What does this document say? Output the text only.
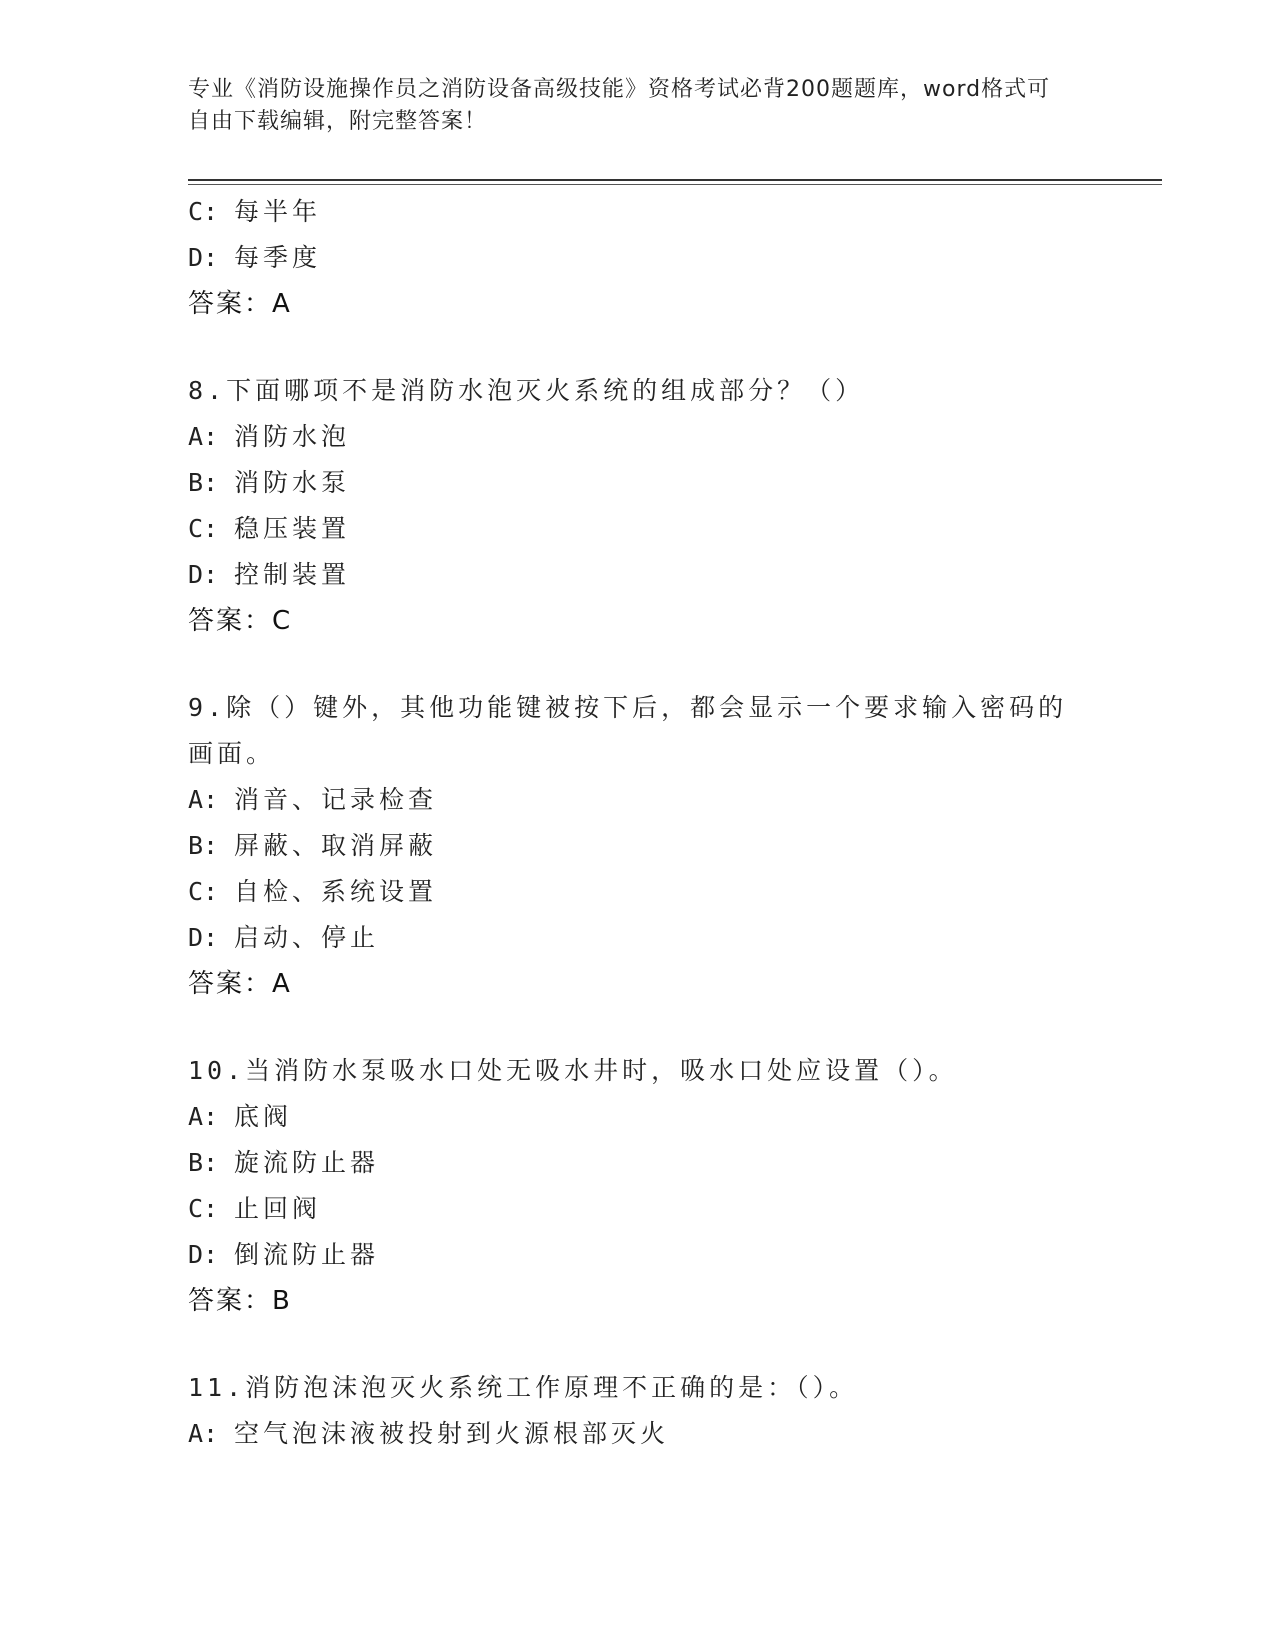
专业《消防设施操作员之消防设备高级技能》资格考试必背200题题库，word格式可自由下载编辑，附完整答案！
C: 每半年
D: 每季度
答案：A
8.下面哪项不是消防水泡灭火系统的组成部分？（）
A: 消防水泡
B: 消防水泵
C: 稳压装置
D: 控制装置
答案：C
9.除（）键外，其他功能键被按下后，都会显示一个要求输入密码的
画面。
A: 消音、记录检查
B: 屏蔽、取消屏蔽
C: 自检、系统设置
D: 启动、停止
答案：A
10.当消防水泵吸水口处无吸水井时，吸水口处应设置（）。
A: 底阀
B: 旋流防止器
C: 止回阀
D: 倒流防止器
答案：B
11.消防泡沫泡灭火系统工作原理不正确的是：（）。
A: 空气泡沫液被投射到火源根部灭火
